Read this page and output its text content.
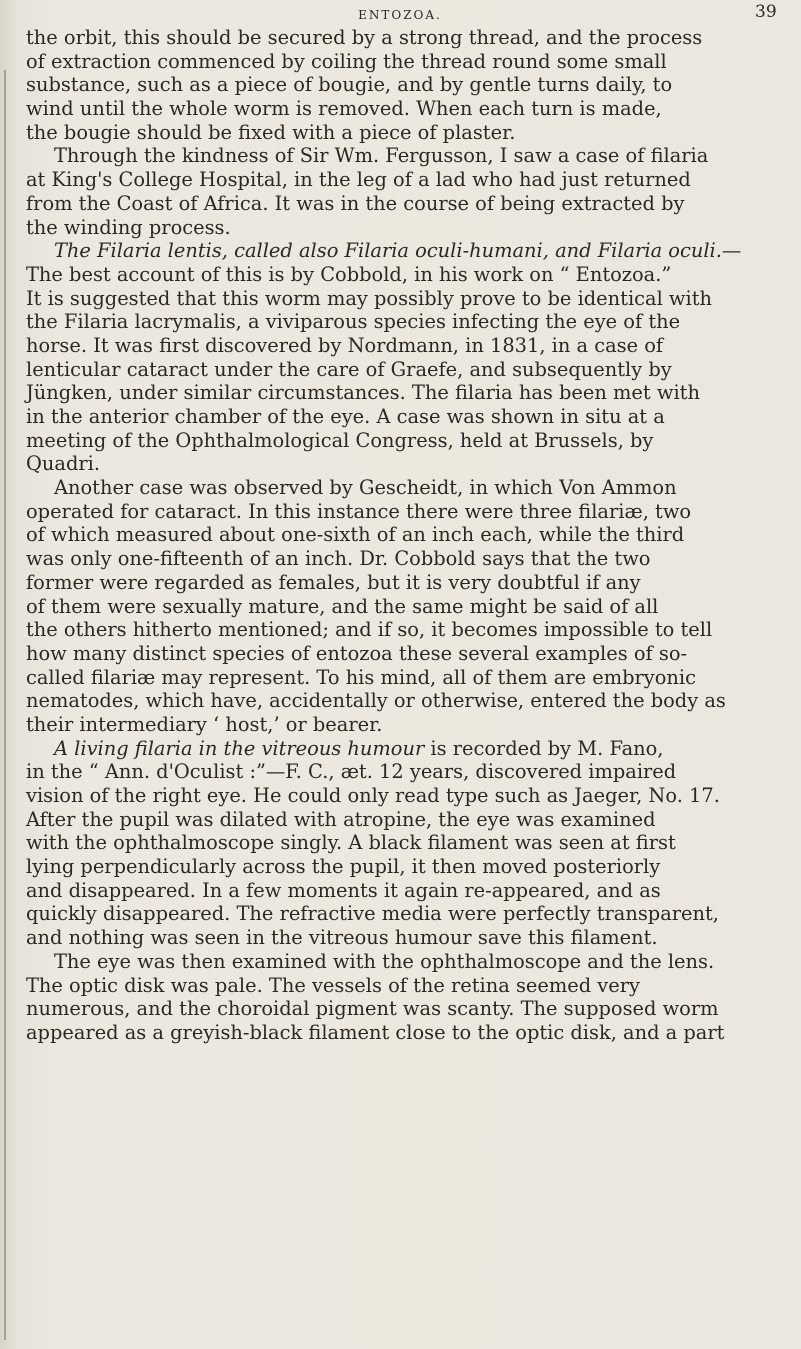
ENTOZOA.	39
the orbit, this should be secured by a strong thread, and the process
of extraction commenced by coiling the thread round some small
substance, such as a piece of bougie, and by gentle turns daily, to
wind until the whole worm is removed. When each turn is made,
the bougie should be fixed with a piece of plaster.
Through the kindness of Sir Wm. Fergusson, I saw a case of filaria
at King's College Hospital, in the leg of a lad who had just returned
from the Coast of Africa. It was in the course of being extracted by
the winding process.
The Filaria lentis, called also Filaria oculi-humani, and Filaria oculi.—
The best account of this is by Cobbold, in his work on “ Entozoa.”
It is suggested that this worm may possibly prove to be identical with
the Filaria lacrymalis, a viviparous species infecting the eye of the
horse. It was first discovered by Nordmann, in 1831, in a case of
lenticular cataract under the care of Graefe, and subsequently by
Jüngken, under similar circumstances. The filaria has been met with
in the anterior chamber of the eye. A case was shown in situ at a
meeting of the Ophthalmological Congress, held at Brussels, by
Quadri.
Another case was observed by Gescheidt, in which Von Ammon
operated for cataract. In this instance there were three filariæ, two
of which measured about one-sixth of an inch each, while the third
was only one-fifteenth of an inch. Dr. Cobbold says that the two
former were regarded as females, but it is very doubtful if any
of them were sexually mature, and the same might be said of all
the others hitherto mentioned; and if so, it becomes impossible to tell
how many distinct species of entozoa these several examples of so-
called filariæ may represent. To his mind, all of them are embryonic
nematodes, which have, accidentally or otherwise, entered the body as
their intermediary ‘ host,’ or bearer.
A living filaria in the vitreous humour is recorded by M. Fano,
in the “ Ann. d'Oculist :”—F. C., æt. 12 years, discovered impaired
vision of the right eye. He could only read type such as Jaeger, No. 17.
After the pupil was dilated with atropine, the eye was examined
with the ophthalmoscope singly. A black filament was seen at first
lying perpendicularly across the pupil, it then moved posteriorly
and disappeared. In a few moments it again re-appeared, and as
quickly disappeared. The refractive media were perfectly transparent,
and nothing was seen in the vitreous humour save this filament.
The eye was then examined with the ophthalmoscope and the lens.
The optic disk was pale. The vessels of the retina seemed very
numerous, and the choroidal pigment was scanty. The supposed worm
appeared as a greyish-black filament close to the optic disk, and a part
